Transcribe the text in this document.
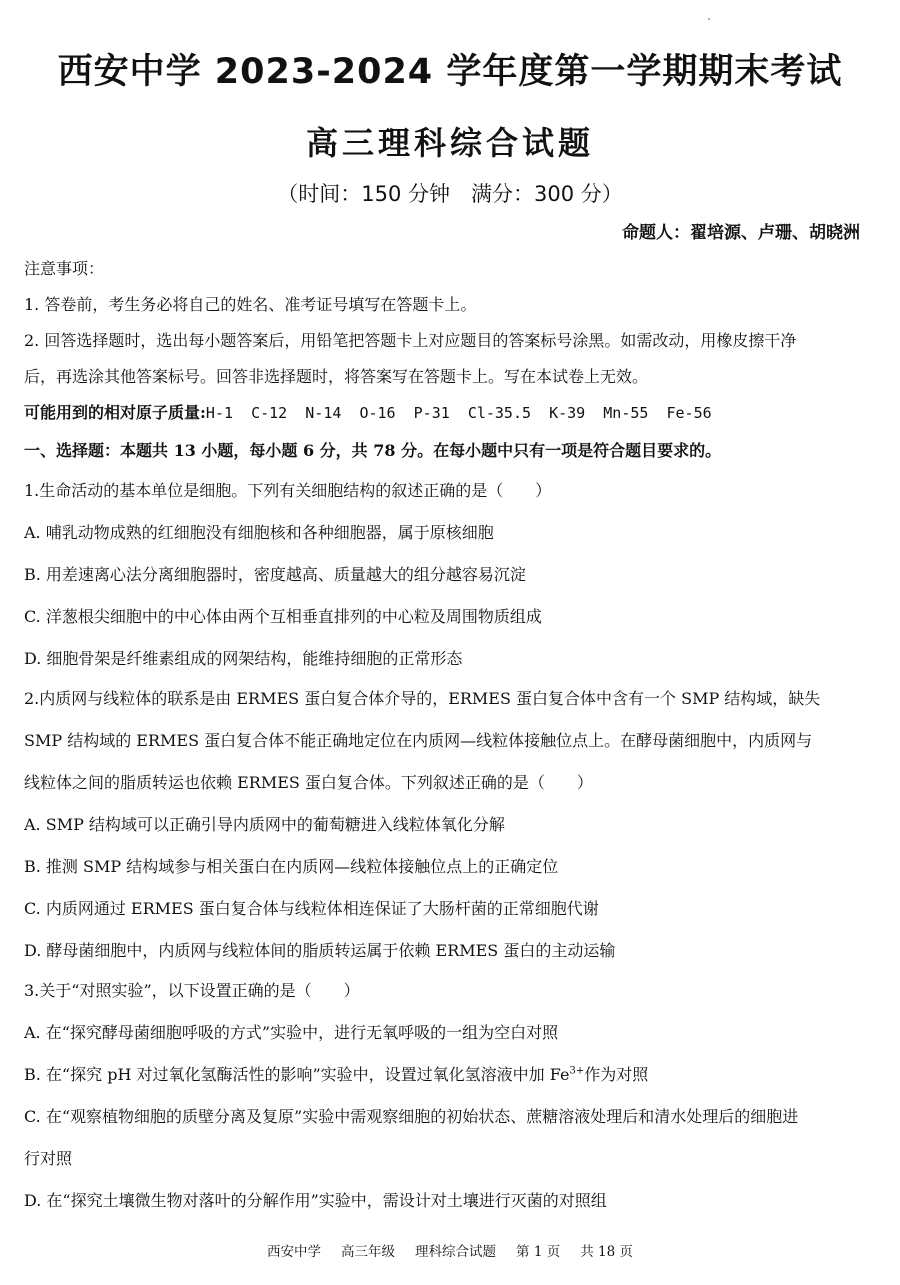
西安中学 2023-2024 学年度第一学期期末考试
高三理科综合试题
（时间：150 分钟　满分：300 分）
命题人：翟培源、卢珊、胡晓洲
注意事项：
1. 答卷前，考生务必将自己的姓名、准考证号填写在答题卡上。
2. 回答选择题时，选出每小题答案后，用铅笔把答题卡上对应题目的答案标号涂黑。如需改动，用橡皮擦干净
后，再选涂其他答案标号。回答非选择题时，将答案写在答题卡上。写在本试卷上无效。
可能用到的相对原子质量:H-1  C-12  N-14  O-16  P-31  Cl-35.5  K-39  Mn-55  Fe-56
一、选择题：本题共 13 小题，每小题 6 分，共 78 分。在每小题中只有一项是符合题目要求的。
1.生命活动的基本单位是细胞。下列有关细胞结构的叙述正确的是（　　）
A. 哺乳动物成熟的红细胞没有细胞核和各种细胞器，属于原核细胞
B. 用差速离心法分离细胞器时，密度越高、质量越大的组分越容易沉淀
C. 洋葱根尖细胞中的中心体由两个互相垂直排列的中心粒及周围物质组成
D. 细胞骨架是纤维素组成的网架结构，能维持细胞的正常形态
2.内质网与线粒体的联系是由 ERMES 蛋白复合体介导的，ERMES 蛋白复合体中含有一个 SMP 结构域，缺失
SMP 结构域的 ERMES 蛋白复合体不能正确地定位在内质网—线粒体接触位点上。在酵母菌细胞中，内质网与
线粒体之间的脂质转运也依赖 ERMES 蛋白复合体。下列叙述正确的是（　　）
A. SMP 结构域可以正确引导内质网中的葡萄糖进入线粒体氧化分解
B. 推测 SMP 结构域参与相关蛋白在内质网—线粒体接触位点上的正确定位
C. 内质网通过 ERMES 蛋白复合体与线粒体相连保证了大肠杆菌的正常细胞代谢
D. 酵母菌细胞中，内质网与线粒体间的脂质转运属于依赖 ERMES 蛋白的主动运输
3.关于“对照实验”，以下设置正确的是（　　）
A. 在“探究酵母菌细胞呼吸的方式”实验中，进行无氧呼吸的一组为空白对照
B. 在“探究 pH 对过氧化氢酶活性的影响”实验中，设置过氧化氢溶液中加 $Fe^{3+}$作为对照
C. 在“观察植物细胞的质壁分离及复原”实验中需观察细胞的初始状态、蔗糖溶液处理后和清水处理后的细胞进
行对照
D. 在“探究土壤微生物对落叶的分解作用”实验中，需设计对土壤进行灭菌的对照组
西安中学 高三年级 理科综合试题 第 1 页 共 18 页
